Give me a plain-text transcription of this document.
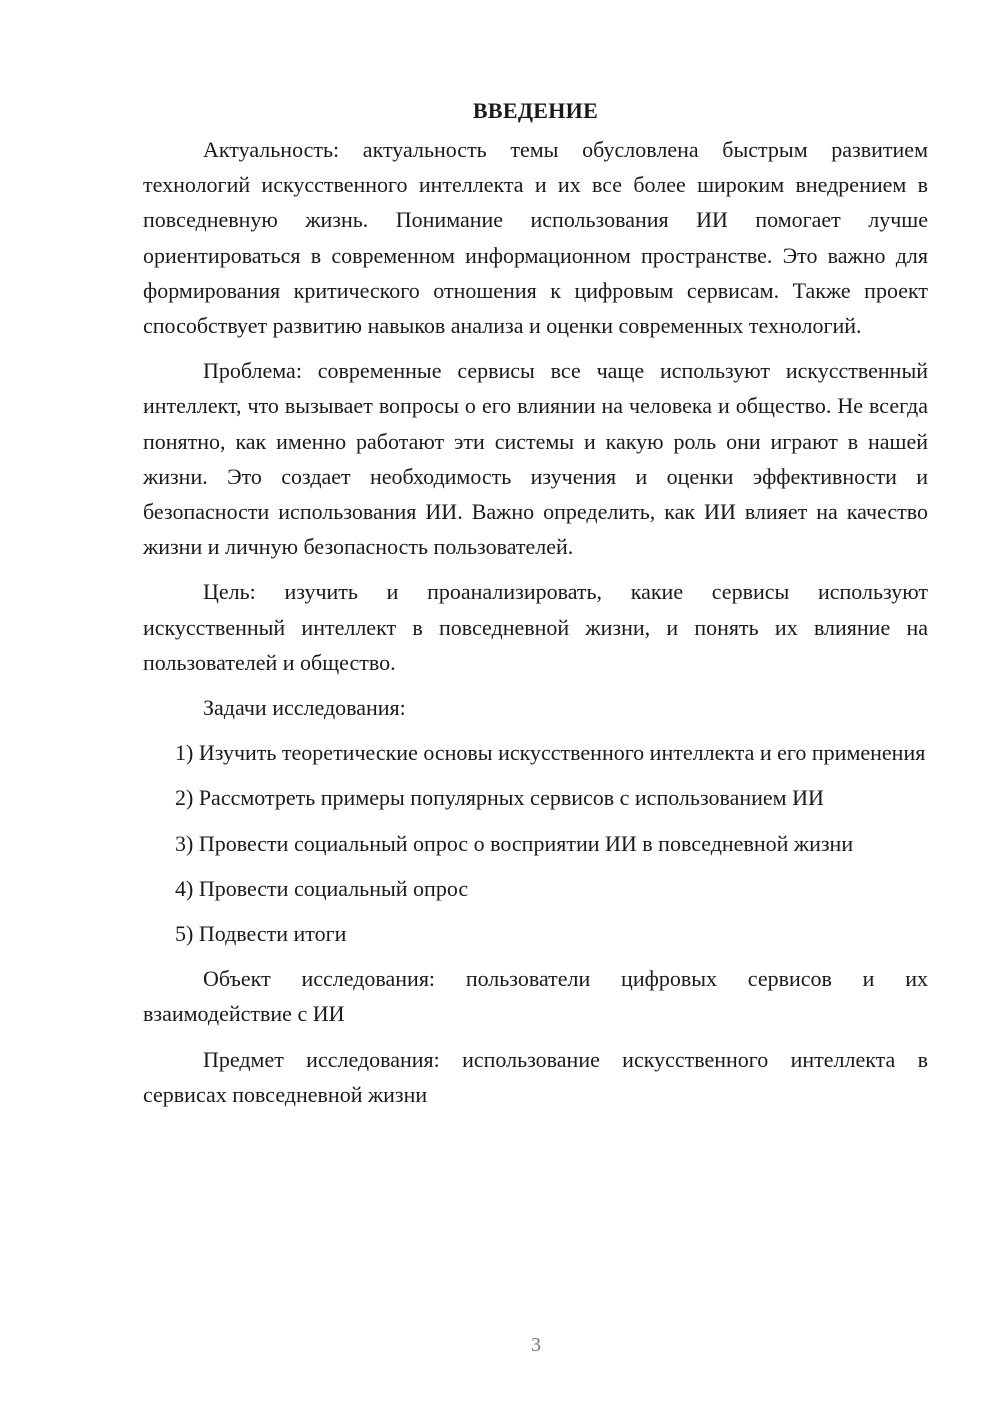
ВВЕДЕНИЕ

Актуальность: актуальность темы обусловлена быстрым развитием технологий искусственного интеллекта и их все более широким внедрением в повседневную жизнь. Понимание использования ИИ помогает лучше ориентироваться в современном информационном пространстве. Это важно для формирования критического отношения к цифровым сервисам. Также проект способствует развитию навыков анализа и оценки современных технологий.

Проблема: современные сервисы все чаще используют искусственный интеллект, что вызывает вопросы о его влиянии на человека и общество. Не всегда понятно, как именно работают эти системы и какую роль они играют в нашей жизни. Это создает необходимость изучения и оценки эффективности и безопасности использования ИИ. Важно определить, как ИИ влияет на качество жизни и личную безопасность пользователей.

Цель: изучить и проанализировать, какие сервисы используют искусственный интеллект в повседневной жизни, и понять их влияние на пользователей и общество.

Задачи исследования:

1) Изучить теоретические основы искусственного интеллекта и его применения

2) Рассмотреть примеры популярных сервисов с использованием ИИ

3) Провести социальный опрос о восприятии ИИ в повседневной жизни

4) Провести социальный опрос

5) Подвести итоги

Объект исследования: пользователи цифровых сервисов и их взаимодействие с ИИ

Предмет исследования: использование искусственного интеллекта в сервисах повседневной жизни

3
